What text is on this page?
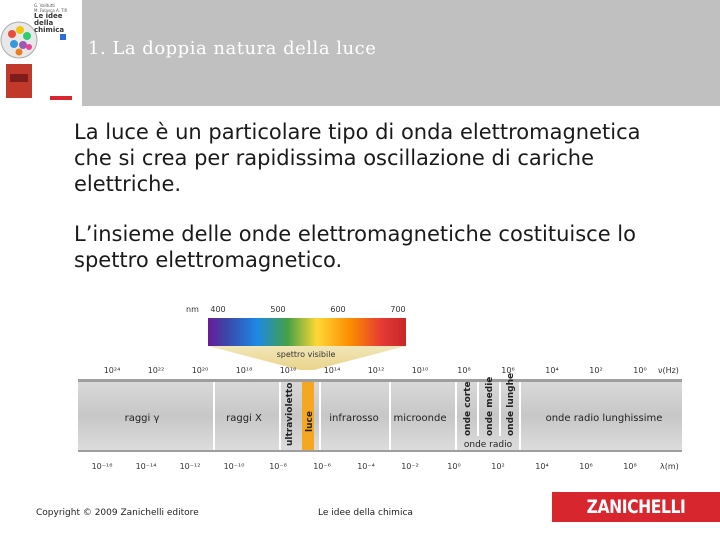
1. La doppia natura della luce
G. Valitutti
M. Falasca A. Tifi
Le idee della
chimica
La luce è un particolare tipo di onda elettromagnetica che si crea per rapidissima oscillazione di cariche elettriche.
L’insieme delle onde elettromagnetiche costituisce lo spettro elettromagnetico.
nm 400	500	600	700
spettro visibile
10²⁴	10²²	10²⁰	10¹⁸	10¹⁶	10¹⁴	10¹²	10¹⁰	10⁸	10⁶	10⁴	10²	10⁰ ν(Hz)
raggi γ	raggi X	ultravioletto luce infrarosso microonde onde corte onde medie onde lunghe
onde radio
onde radio lunghissime
10⁻¹⁶	10⁻¹⁴	10⁻¹²	10⁻¹⁰	10⁻⁸	10⁻⁶	10⁻⁴	10⁻²	10⁰	10²	10⁴	10⁶	10⁸	λ(m)
Copyright © 2009 Zanichelli editore	Le idee della chimica	ZANICHELLI
